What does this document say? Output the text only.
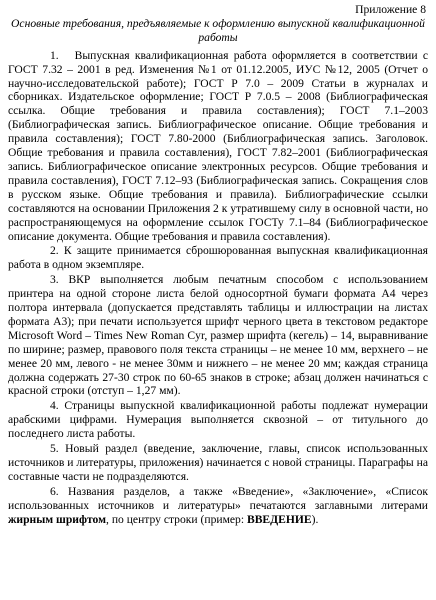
Приложение 8

Основные требования, предъявляемые к оформлению выпускной квалификационной работы

1. Выпускная квалификационная работа оформляется в соответствии с ГОСТ 7.32 – 2001 в ред. Изменения №1 от 01.12.2005, ИУС №12, 2005 (Отчет о научно-исследовательской работе); ГОСТ Р 7.0 – 2009 Статьи в журналах и сборниках. Издательское оформление; ГОСТ Р 7.0.5 – 2008 (Библиографическая ссылка. Общие требования и правила составления); ГОСТ 7.1–2003 (Библиографическая запись. Библиографическое описание. Общие требования и правила составления); ГОСТ 7.80-2000 (Библиографическая запись. Заголовок. Общие требования и правила составления), ГОСТ 7.82–2001 (Библиографическая запись. Библиографическое описание электронных ресурсов. Общие требования и правила составления), ГОСТ 7.12–93 (Библиографическая запись. Сокращения слов в русском языке. Общие требования и правила). Библиографические ссылки составляются на основании Приложения 2 к утратившему силу в основной части, но распространяющемуся на оформление ссылок ГОСТу 7.1–84 (Библиографическое описание документа. Общие требования и правила составления).

2. К защите принимается сброшюрованная выпускная квалификационная работа в одном экземпляре.

3. ВКР выполняется любым печатным способом с использованием принтера на одной стороне листа белой односортной бумаги формата А4 через полтора интервала (допускается представлять таблицы и иллюстрации на листах формата А3); при печати используется шрифт черного цвета в текстовом редакторе Microsoft Word – Times New Roman Cyr, размер шрифта (кегель) – 14, выравнивание по ширине; размер, правового поля текста страницы – не менее 10 мм, верхнего – не менее 20 мм, левого - не менее 30мм и нижнего – не менее 20 мм; каждая страница должна содержать 27-30 строк по 60-65 знаков в строке; абзац должен начинаться с красной строки (отступ – 1,27 мм).

4. Страницы выпускной квалификационной работы подлежат нумерации арабскими цифрами. Нумерация выполняется сквозной – от титульного до последнего листа работы.

5. Новый раздел (введение, заключение, главы, список использованных источников и литературы, приложения) начинается с новой страницы. Параграфы на составные части не подразделяются.

6. Названия разделов, а также «Введение», «Заключение», «Список использованных источников и литературы» печатаются заглавными литерами жирным шрифтом, по центру строки (пример: ВВЕДЕНИЕ).
